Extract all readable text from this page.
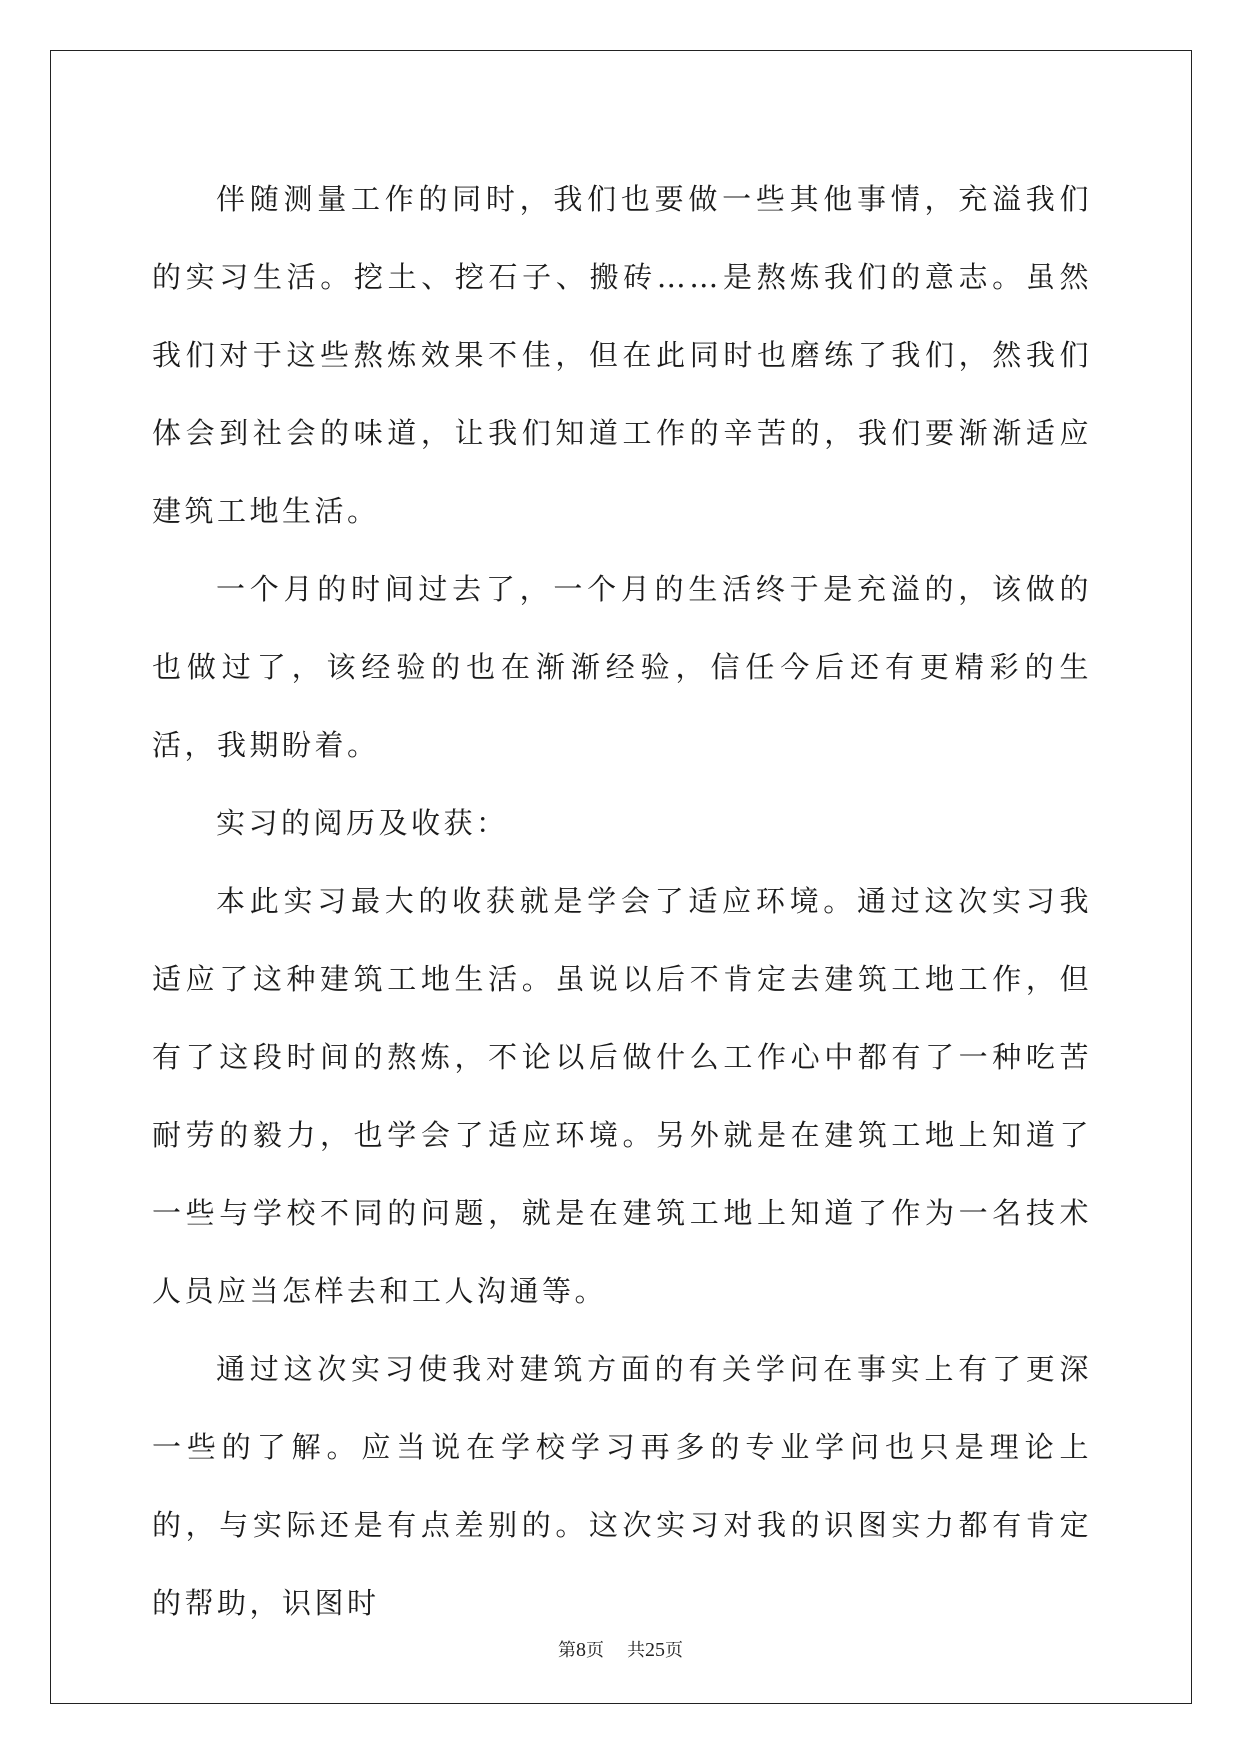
伴随测量工作的同时，我们也要做一些其他事情，充溢我们的实习生活。挖土、挖石子、搬砖……是熬炼我们的意志。虽然我们对于这些熬炼效果不佳，但在此同时也磨练了我们，然我们体会到社会的味道，让我们知道工作的辛苦的，我们要渐渐适应建筑工地生活。

一个月的时间过去了，一个月的生活终于是充溢的，该做的也做过了，该经验的也在渐渐经验，信任今后还有更精彩的生活，我期盼着。

实习的阅历及收获：

本此实习最大的收获就是学会了适应环境。通过这次实习我适应了这种建筑工地生活。虽说以后不肯定去建筑工地工作，但有了这段时间的熬炼，不论以后做什么工作心中都有了一种吃苦耐劳的毅力，也学会了适应环境。另外就是在建筑工地上知道了一些与学校不同的问题，就是在建筑工地上知道了作为一名技术人员应当怎样去和工人沟通等。

通过这次实习使我对建筑方面的有关学问在事实上有了更深一些的了解。应当说在学校学习再多的专业学问也只是理论上的，与实际还是有点差别的。这次实习对我的识图实力都有肯定的帮助，识图时

第8页 共25页
